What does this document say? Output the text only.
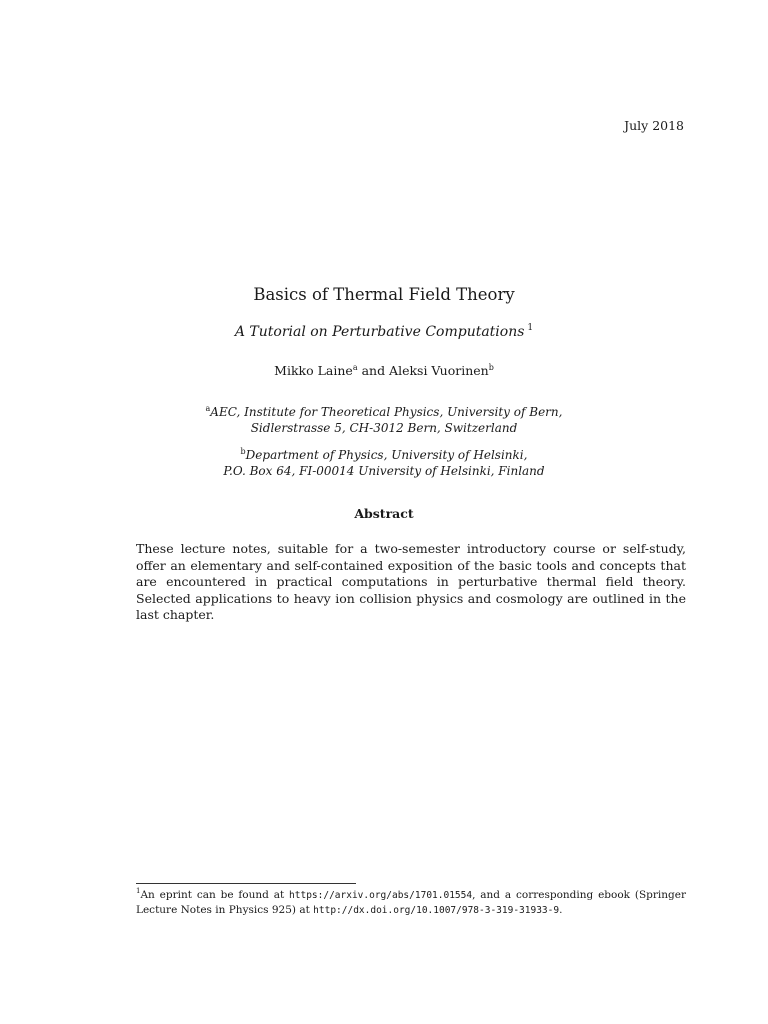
July 2018
Basics of Thermal Field Theory
A Tutorial on Perturbative Computations $^1$
Mikko Laine$^a$ and Aleksi Vuorinen$^b$
$^a$AEC, Institute for Theoretical Physics, University of Bern,
Sidlerstrasse 5, CH-3012 Bern, Switzerland
$^b$Department of Physics, University of Helsinki,
P.O. Box 64, FI-00014 University of Helsinki, Finland
Abstract
These lecture notes, suitable for a two-semester introductory course or self-study, offer an elementary and self-contained exposition of the basic tools and concepts that are encountered in practical computations in perturbative thermal field theory. Selected applications to heavy ion collision physics and cosmology are outlined in the last chapter.
$^1$An eprint can be found at https://arxiv.org/abs/1701.01554, and a corresponding ebook (Springer Lecture Notes in Physics 925) at http://dx.doi.org/10.1007/978-3-319-31933-9.
